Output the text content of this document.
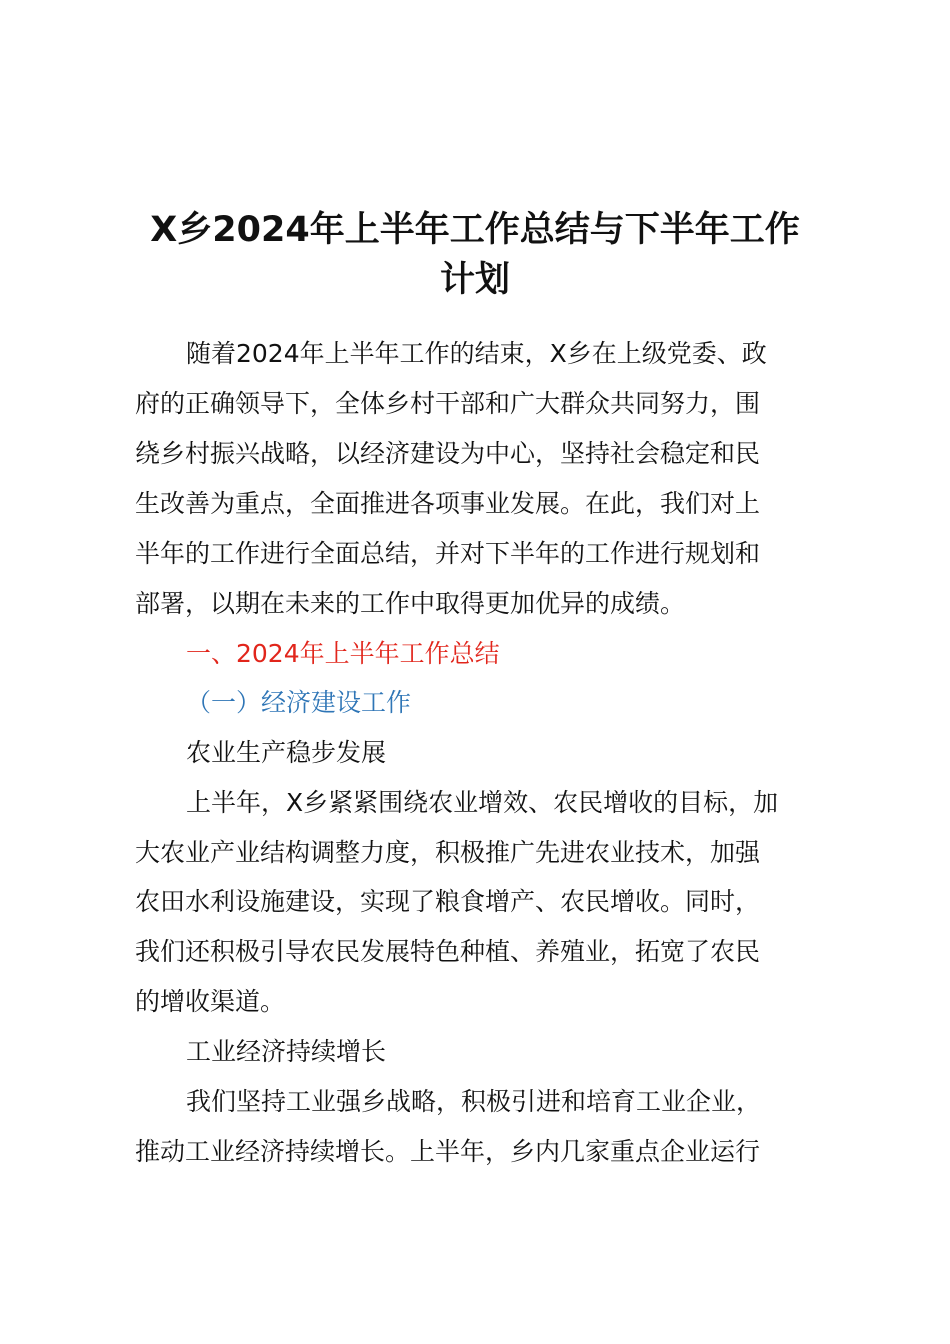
X乡2024年上半年工作总结与下半年工作
计划
随着2024年上半年工作的结束，X乡在上级党委、政
府的正确领导下，全体乡村干部和广大群众共同努力，围
绕乡村振兴战略，以经济建设为中心，坚持社会稳定和民
生改善为重点，全面推进各项事业发展。在此，我们对上
半年的工作进行全面总结，并对下半年的工作进行规划和
部署，以期在未来的工作中取得更加优异的成绩。
一、2024年上半年工作总结
（一）经济建设工作
农业生产稳步发展
上半年，X乡紧紧围绕农业增效、农民增收的目标，加
大农业产业结构调整力度，积极推广先进农业技术，加强
农田水利设施建设，实现了粮食增产、农民增收。同时，
我们还积极引导农民发展特色种植、养殖业，拓宽了农民
的增收渠道。
工业经济持续增长
我们坚持工业强乡战略，积极引进和培育工业企业，
推动工业经济持续增长。上半年，乡内几家重点企业运行
